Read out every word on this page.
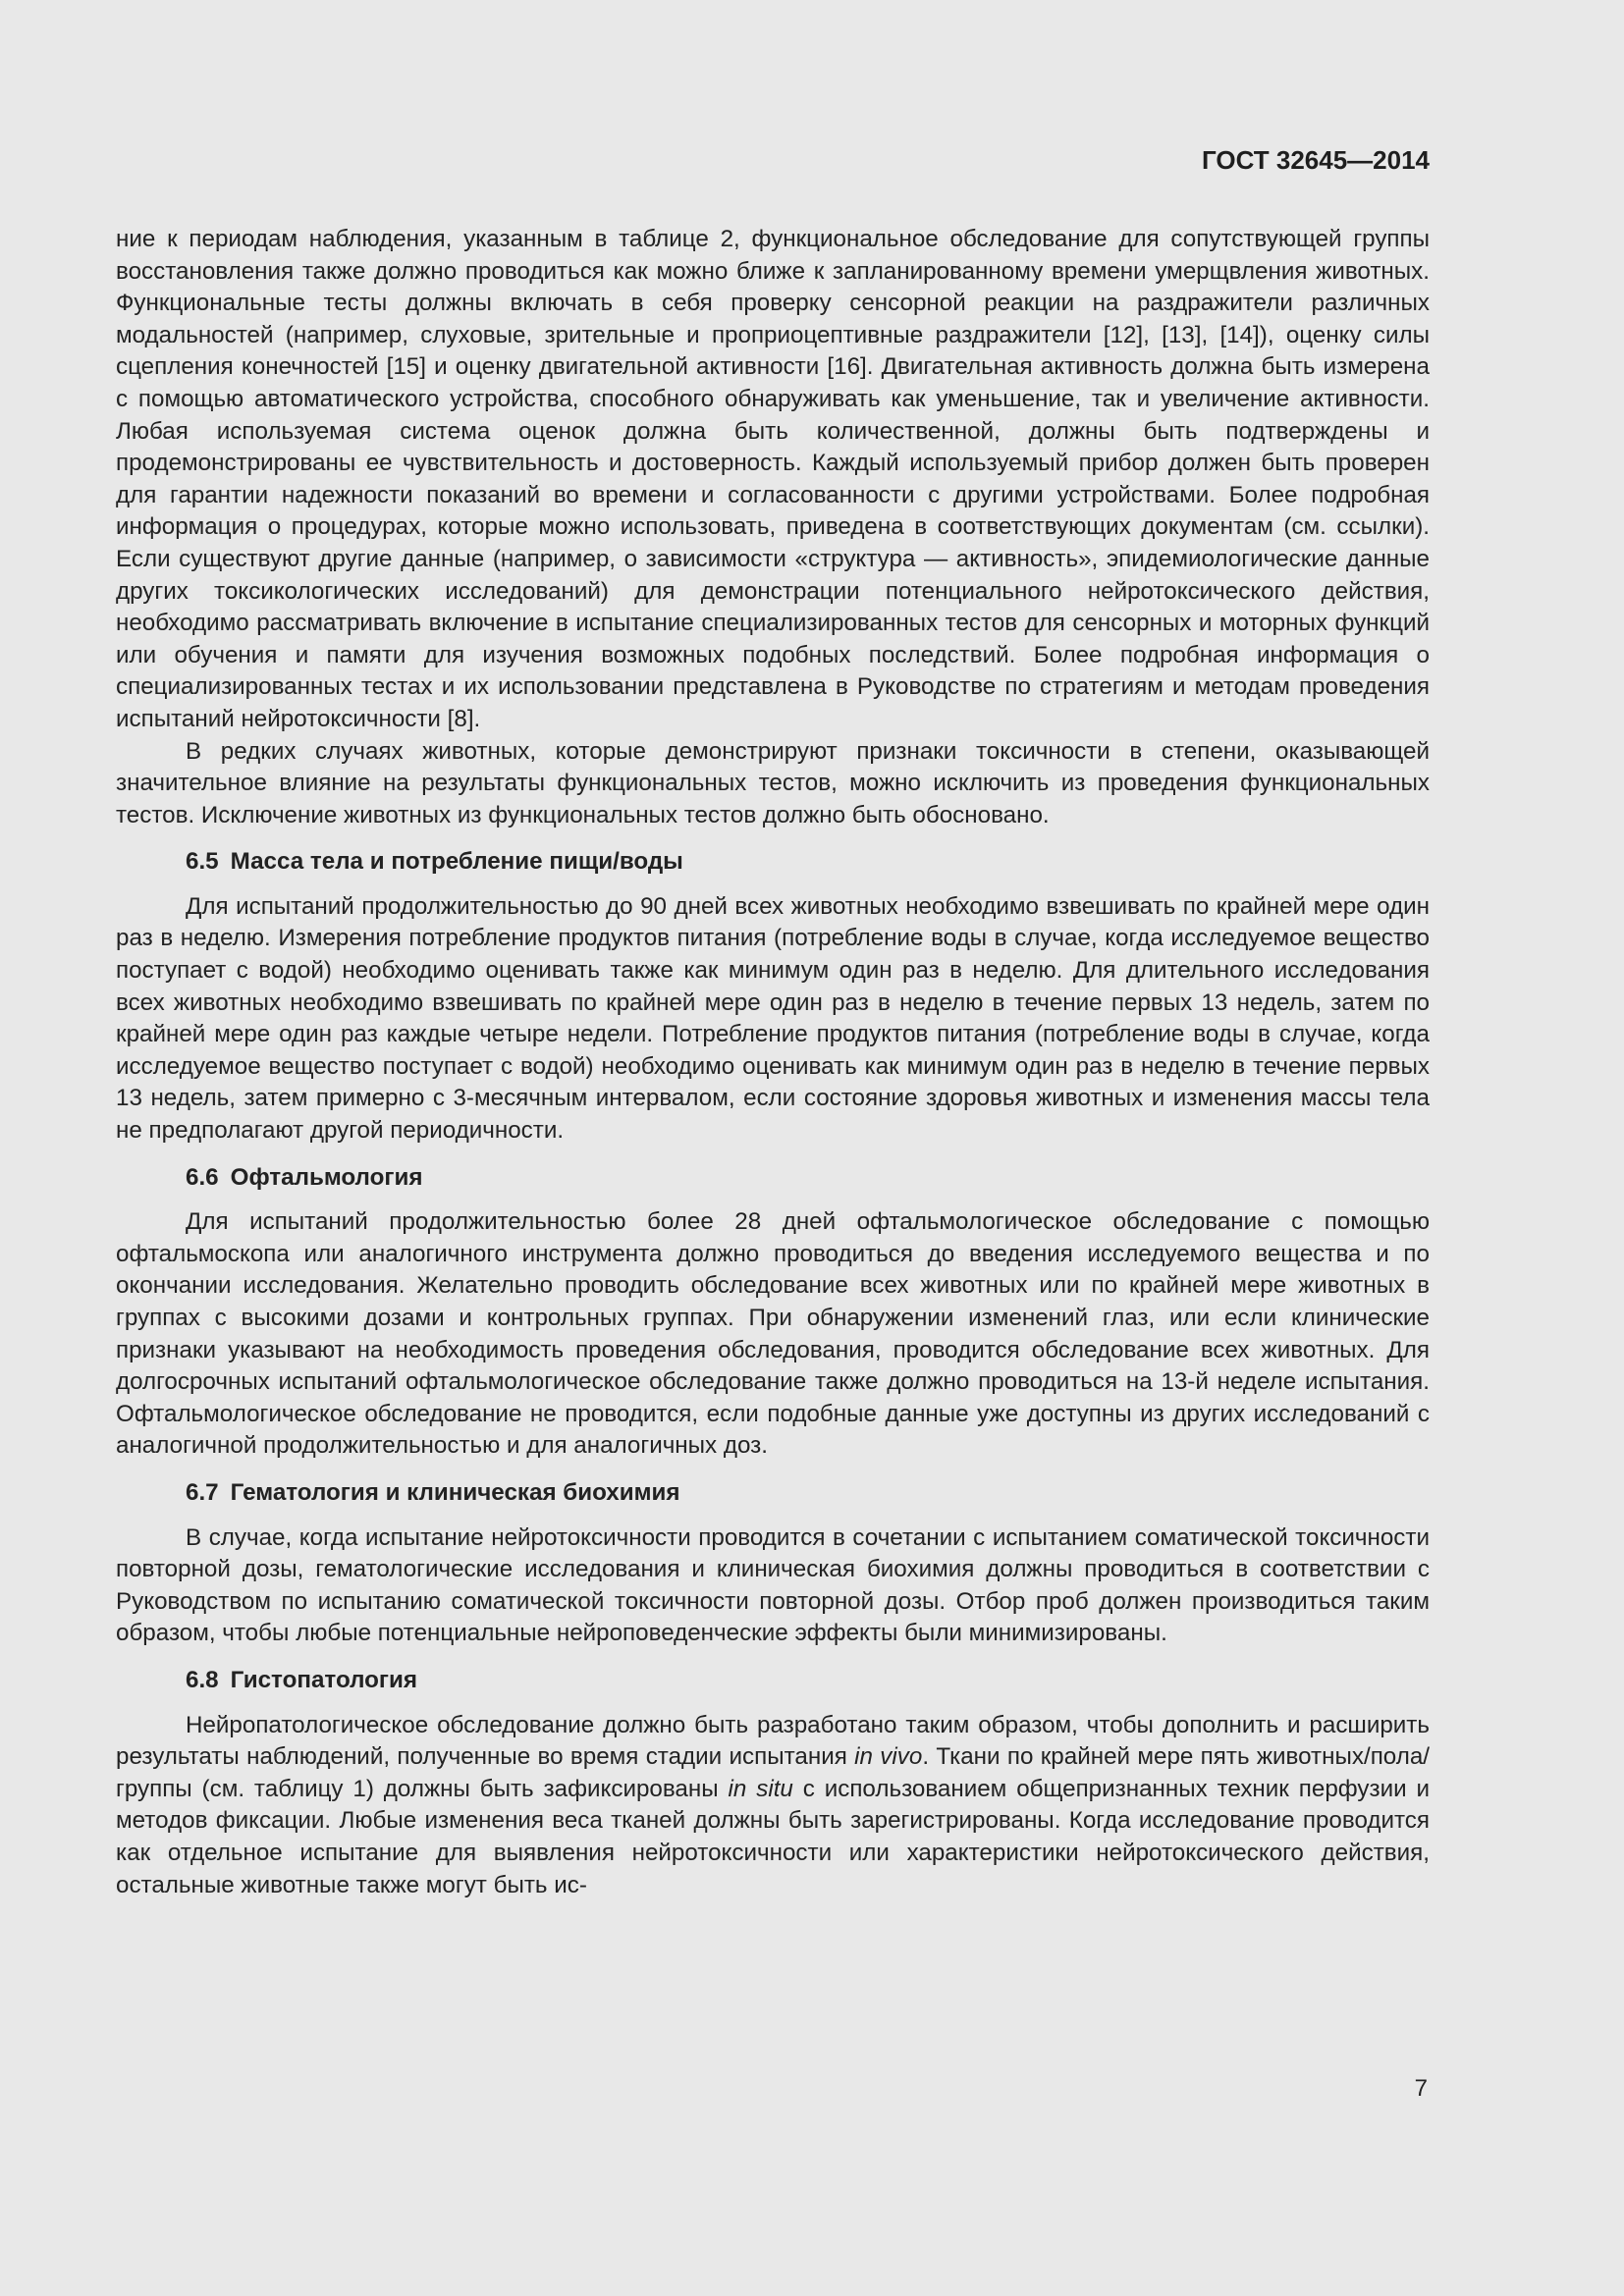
ГОСТ 32645—2014

ние к периодам наблюдения, указанным в таблице 2, функциональное обследование для сопутствующей группы восстановления также должно проводиться как можно ближе к запланированному времени умерщвления животных. Функциональные тесты должны включать в себя проверку сенсорной реакции на раздражители различных модальностей (например, слуховые, зрительные и проприоцептивные раздражители [12], [13], [14]), оценку силы сцепления конечностей [15] и оценку двигательной активности [16]. Двигательная активность должна быть измерена с помощью автоматического устройства, способного обнаруживать как уменьшение, так и увеличение активности. Любая используемая система оценок должна быть количественной, должны быть подтверждены и продемонстрированы ее чувствительность и достоверность. Каждый используемый прибор должен быть проверен для гарантии надежности показаний во времени и согласованности с другими устройствами. Более подробная информация о процедурах, которые можно использовать, приведена в соответствующих документам (см. ссылки). Если существуют другие данные (например, о зависимости «структура — активность», эпидемиологические данные других токсикологических исследований) для демонстрации потенциального нейротоксического действия, необходимо рассматривать включение в испытание специализированных тестов для сенсорных и моторных функций или обучения и памяти для изучения возможных подобных последствий. Более подробная информация о специализированных тестах и их использовании представлена в Руководстве по стратегиям и методам проведения испытаний нейротоксичности [8].

В редких случаях животных, которые демонстрируют признаки токсичности в степени, оказывающей значительное влияние на результаты функциональных тестов, можно исключить из проведения функциональных тестов. Исключение животных из функциональных тестов должно быть обосновано.

6.5 Масса тела и потребление пищи/воды

Для испытаний продолжительностью до 90 дней всех животных необходимо взвешивать по крайней мере один раз в неделю. Измерения потребление продуктов питания (потребление воды в случае, когда исследуемое вещество поступает с водой) необходимо оценивать также как минимум один раз в неделю. Для длительного исследования всех животных необходимо взвешивать по крайней мере один раз в неделю в течение первых 13 недель, затем по крайней мере один раз каждые четыре недели. Потребление продуктов питания (потребление воды в случае, когда исследуемое вещество поступает с водой) необходимо оценивать как минимум один раз в неделю в течение первых 13 недель, затем примерно с 3-месячным интервалом, если состояние здоровья животных и изменения массы тела не предполагают другой периодичности.

6.6 Офтальмология

Для испытаний продолжительностью более 28 дней офтальмологическое обследование с помощью офтальмоскопа или аналогичного инструмента должно проводиться до введения исследуемого вещества и по окончании исследования. Желательно проводить обследование всех животных или по крайней мере животных в группах с высокими дозами и контрольных группах. При обнаружении изменений глаз, или если клинические признаки указывают на необходимость проведения обследования, проводится обследование всех животных. Для долгосрочных испытаний офтальмологическое обследование также должно проводиться на 13-й неделе испытания. Офтальмологическое обследование не проводится, если подобные данные уже доступны из других исследований с аналогичной продолжительностью и для аналогичных доз.

6.7 Гематология и клиническая биохимия

В случае, когда испытание нейротоксичности проводится в сочетании с испытанием соматической токсичности повторной дозы, гематологические исследования и клиническая биохимия должны проводиться в соответствии с Руководством по испытанию соматической токсичности повторной дозы. Отбор проб должен производиться таким образом, чтобы любые потенциальные нейроповеденческие эффекты были минимизированы.

6.8 Гистопатология

Нейропатологическое обследование должно быть разработано таким образом, чтобы дополнить и расширить результаты наблюдений, полученные во время стадии испытания in vivo. Ткани по крайней мере пять животных/пола/группы (см. таблицу 1) должны быть зафиксированы in situ с использованием общепризнанных техник перфузии и методов фиксации. Любые изменения веса тканей должны быть зарегистрированы. Когда исследование проводится как отдельное испытание для выявления нейротоксичности или характеристики нейротоксического действия, остальные животные также могут быть ис-

7
